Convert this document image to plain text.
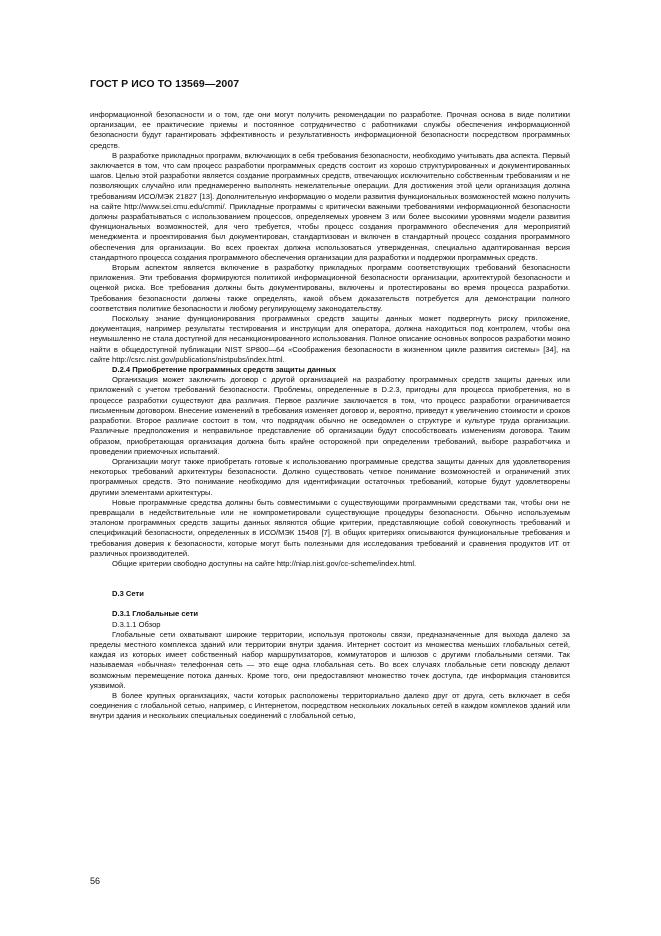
ГОСТ Р ИСО ТО 13569—2007

информационной безопасности и о том, где они могут получить рекомендации по разработке. Прочная основа в виде политики организации, ее практические приемы и постоянное сотрудничество с работниками службы обеспечения информационной безопасности будут гарантировать эффективность и результативность информационной безопасности посредством программных средств.

В разработке прикладных программ, включающих в себя требования безопасности, необходимо учитывать два аспекта. Первый заключается в том, что сам процесс разработки программных средств состоит из хорошо структурированных и документированных шагов. Целью этой разработки является создание программных средств, отвечающих исключительно собственным требованиям и не позволяющих случайно или преднамеренно выполнять нежелательные операции. Для достижения этой цели организация должна требованиям ИСО/МЭК 21827 [13]. Дополнительную информацию о модели развития функциональных возможностей можно получить на сайте http://www.sei.cmu.edu/cmmi/. Прикладные программы с критически важными требованиями информационной безопасности должны разрабатываться с использованием процессов, определяемых уровнем 3 или более высокими уровнями модели развития функциональных возможностей, для чего требуется, чтобы процесс создания программного обеспечения для мероприятий менеджмента и проектирования был документирован, стандартизован и включен в стандартный процесс создания программного обеспечения для организации. Во всех проектах должна использоваться утвержденная, специально адаптированная версия стандартного процесса создания программного обеспечения организации для разработки и поддержки программных средств.

Вторым аспектом является включение в разработку прикладных программ соответствующих требований безопасности приложения. Эти требования формируются политикой информационной безопасности организации, архитектурой безопасности и оценкой риска. Все требования должны быть документированы, включены и протестированы во время процесса разработки. Требования безопасности должны также определять, какой объем доказательств потребуется для демонстрации полного соответствия политике безопасности и любому регулирующему законодательству.

Поскольку знание функционирования программных средств защиты данных может подвергнуть риску приложение, документация, например результаты тестирования и инструкции для оператора, должна находиться под контролем, чтобы она неумышленно не стала доступной для несанкционированного использования. Полное описание основных вопросов разработки можно найти в общедоступной публикации NIST SP800—64 «Соображения безопасности в жизненном цикле развития системы» [34], на сайте http://csrc.nist.gov/publications/nistpubs/index.html.

D.2.4 Приобретение программных средств защиты данных

Организация может заключить договор с другой организацией на разработку программных средств защиты данных или приложений с учетом требований безопасности. Проблемы, определенные в D.2.3, пригодны для процесса приобретения, но в процессе разработки существуют два различия. Первое различие заключается в том, что процесс разработки ограничивается письменным договором. Внесение изменений в требования изменяет договор и, вероятно, приведут к увеличению стоимости и сроков разработки. Второе различие состоит в том, что подрядчик обычно не осведомлен о структуре и культуре труда организации. Различные предположения и неправильное представление об организации будут способствовать изменениям договора. Таким образом, приобретающая организация должна быть крайне осторожной при определении требований, выборе разработчика и проведении приемочных испытаний.

Организации могут также приобретать готовые к использованию программные средства защиты данных для удовлетворения некоторых требований архитектуры безопасности. Должно существовать четкое понимание возможностей и ограничений этих программных средств. Это понимание необходимо для идентификации остаточных требований, которые будут удовлетворены другими элементами архитектуры.

Новые программные средства должны быть совместимыми с существующими программными средствами так, чтобы они не превращали в недействительные или не компрометировали существующие процедуры безопасности. Обычно используемым эталоном программных средств защиты данных являются общие критерии, представляющие собой совокупность требований и спецификаций безопасности, определенных в ИСО/МЭК 15408 [7]. В общих критериях описываются функциональные требования и требования доверия к безопасности, которые могут быть полезными для исследования требований и сравнения продуктов ИТ от различных производителей.

Общие критерии свободно доступны на сайте http://niap.nist.gov/cc-scheme/index.html.

D.3 Сети

D.3.1 Глобальные сети

D.3.1.1 Обзор

Глобальные сети охватывают широкие территории, используя протоколы связи, предназначенные для выхода далеко за пределы местного комплекса зданий или территории внутри здания. Интернет состоит из множества меньших глобальных сетей, каждая из которых имеет собственный набор маршрутизаторов, коммутаторов и шлюзов с другими глобальными сетями. Так называемая «обычная» телефонная сеть — это еще одна глобальная сеть. Во всех случаях глобальные сети повсюду делают возможным перемещение потока данных. Кроме того, они предоставляют множество точек доступа, где информация становится уязвимой.

В более крупных организациях, части которых расположены территориально далеко друг от друга, сеть включает в себя соединения с глобальной сетью, например, с Интернетом, посредством нескольких локальных сетей в каждом комплеков зданий или внутри здания и нескольких специальных соединений с глобальной сетью,

56
